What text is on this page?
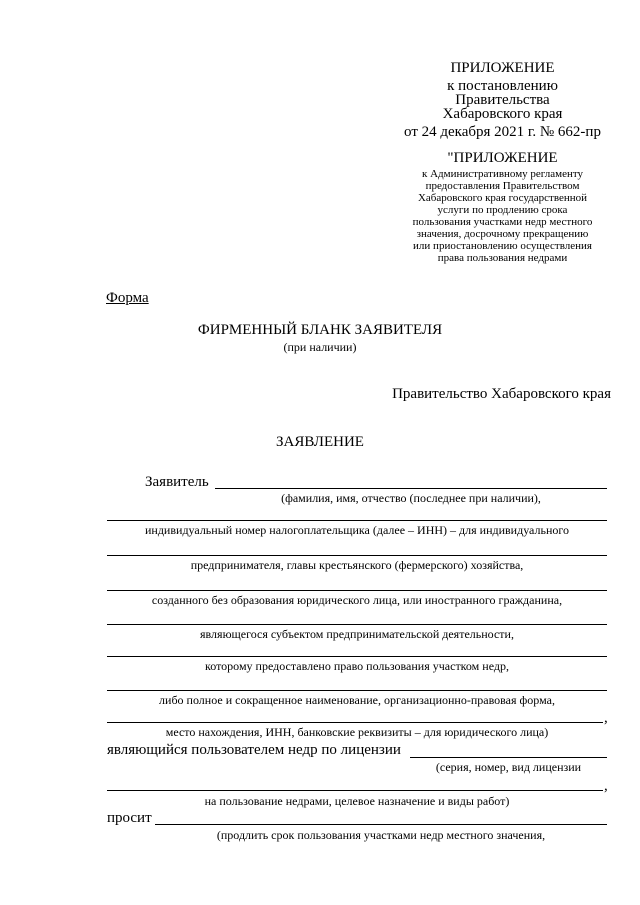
ПРИЛОЖЕНИЕ
к постановлению
Правительства
Хабаровского края
от 24 декабря 2021 г. № 662-пр
"ПРИЛОЖЕНИЕ
к Административному регламенту
предоставления Правительством
Хабаровского края государственной
услуги по продлению срока
пользования участками недр местного
значения, досрочному прекращению
или приостановлению осуществления
права пользования недрами
Форма
ФИРМЕННЫЙ БЛАНК ЗАЯВИТЕЛЯ
(при наличии)
Правительство Хабаровского края
ЗАЯВЛЕНИЕ
Заявитель
(фамилия, имя, отчество (последнее при наличии),
индивидуальный номер налогоплательщика (далее – ИНН) – для индивидуального
предпринимателя, главы крестьянского (фермерского) хозяйства,
созданного без образования юридического лица, или иностранного гражданина,
являющегося субъектом предпринимательской деятельности,
которому предоставлено право пользования участком недр,
либо полное и сокращенное наименование, организационно-правовая форма,
,
место нахождения, ИНН, банковские реквизиты – для юридического лица)
являющийся пользователем недр по лицензии
(серия, номер, вид лицензии
,
на пользование недрами, целевое назначение и виды работ)
просит
(продлить срок пользования участками недр местного значения,
